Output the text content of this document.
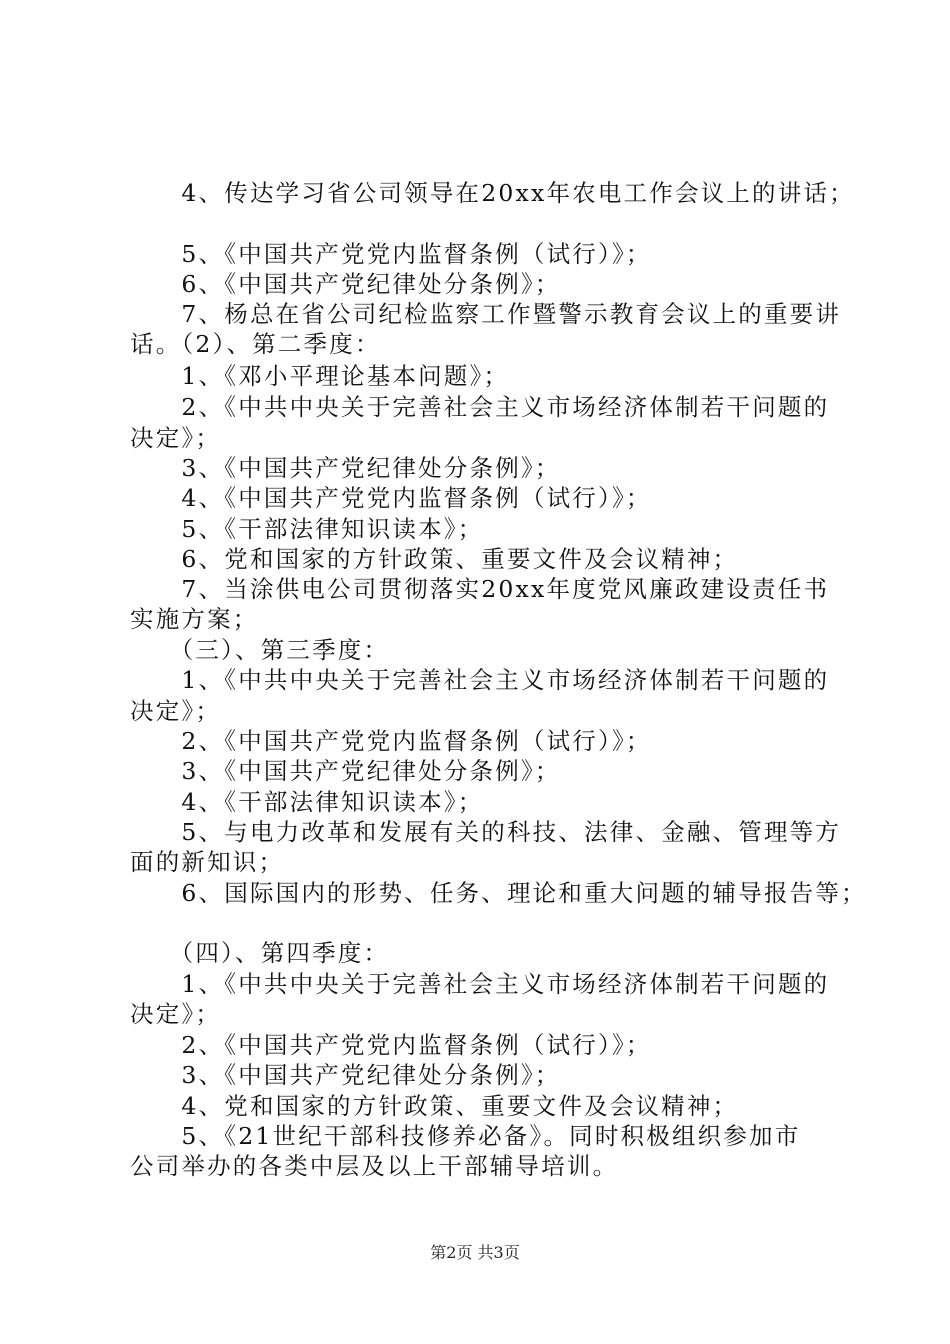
　　4、传达学习省公司领导在20xx年农电工作会议上的讲话；
　　5、《中国共产党党内监督条例（试行）》；
　　6、《中国共产党纪律处分条例》；
　　7、杨总在省公司纪检监察工作暨警示教育会议上的重要讲
话。（2）、第二季度：
　　1、《邓小平理论基本问题》；
　　2、《中共中央关于完善社会主义市场经济体制若干问题的
决定》；
　　3、《中国共产党纪律处分条例》；
　　4、《中国共产党党内监督条例（试行）》；
　　5、《干部法律知识读本》；
　　6、党和国家的方针政策、重要文件及会议精神；
　　7、当涂供电公司贯彻落实20xx年度党风廉政建设责任书
实施方案；
　　（三）、第三季度：
　　1、《中共中央关于完善社会主义市场经济体制若干问题的
决定》；
　　2、《中国共产党党内监督条例（试行）》；
　　3、《中国共产党纪律处分条例》；
　　4、《干部法律知识读本》；
　　5、与电力改革和发展有关的科技、法律、金融、管理等方
面的新知识；
　　6、国际国内的形势、任务、理论和重大问题的辅导报告等；
　　（四）、第四季度：
　　1、《中共中央关于完善社会主义市场经济体制若干问题的
决定》；
　　2、《中国共产党党内监督条例（试行）》；
　　3、《中国共产党纪律处分条例》；
　　4、党和国家的方针政策、重要文件及会议精神；
　　5、《21世纪干部科技修养必备》。同时积极组织参加市
公司举办的各类中层及以上干部辅导培训。
第2页 共3页
